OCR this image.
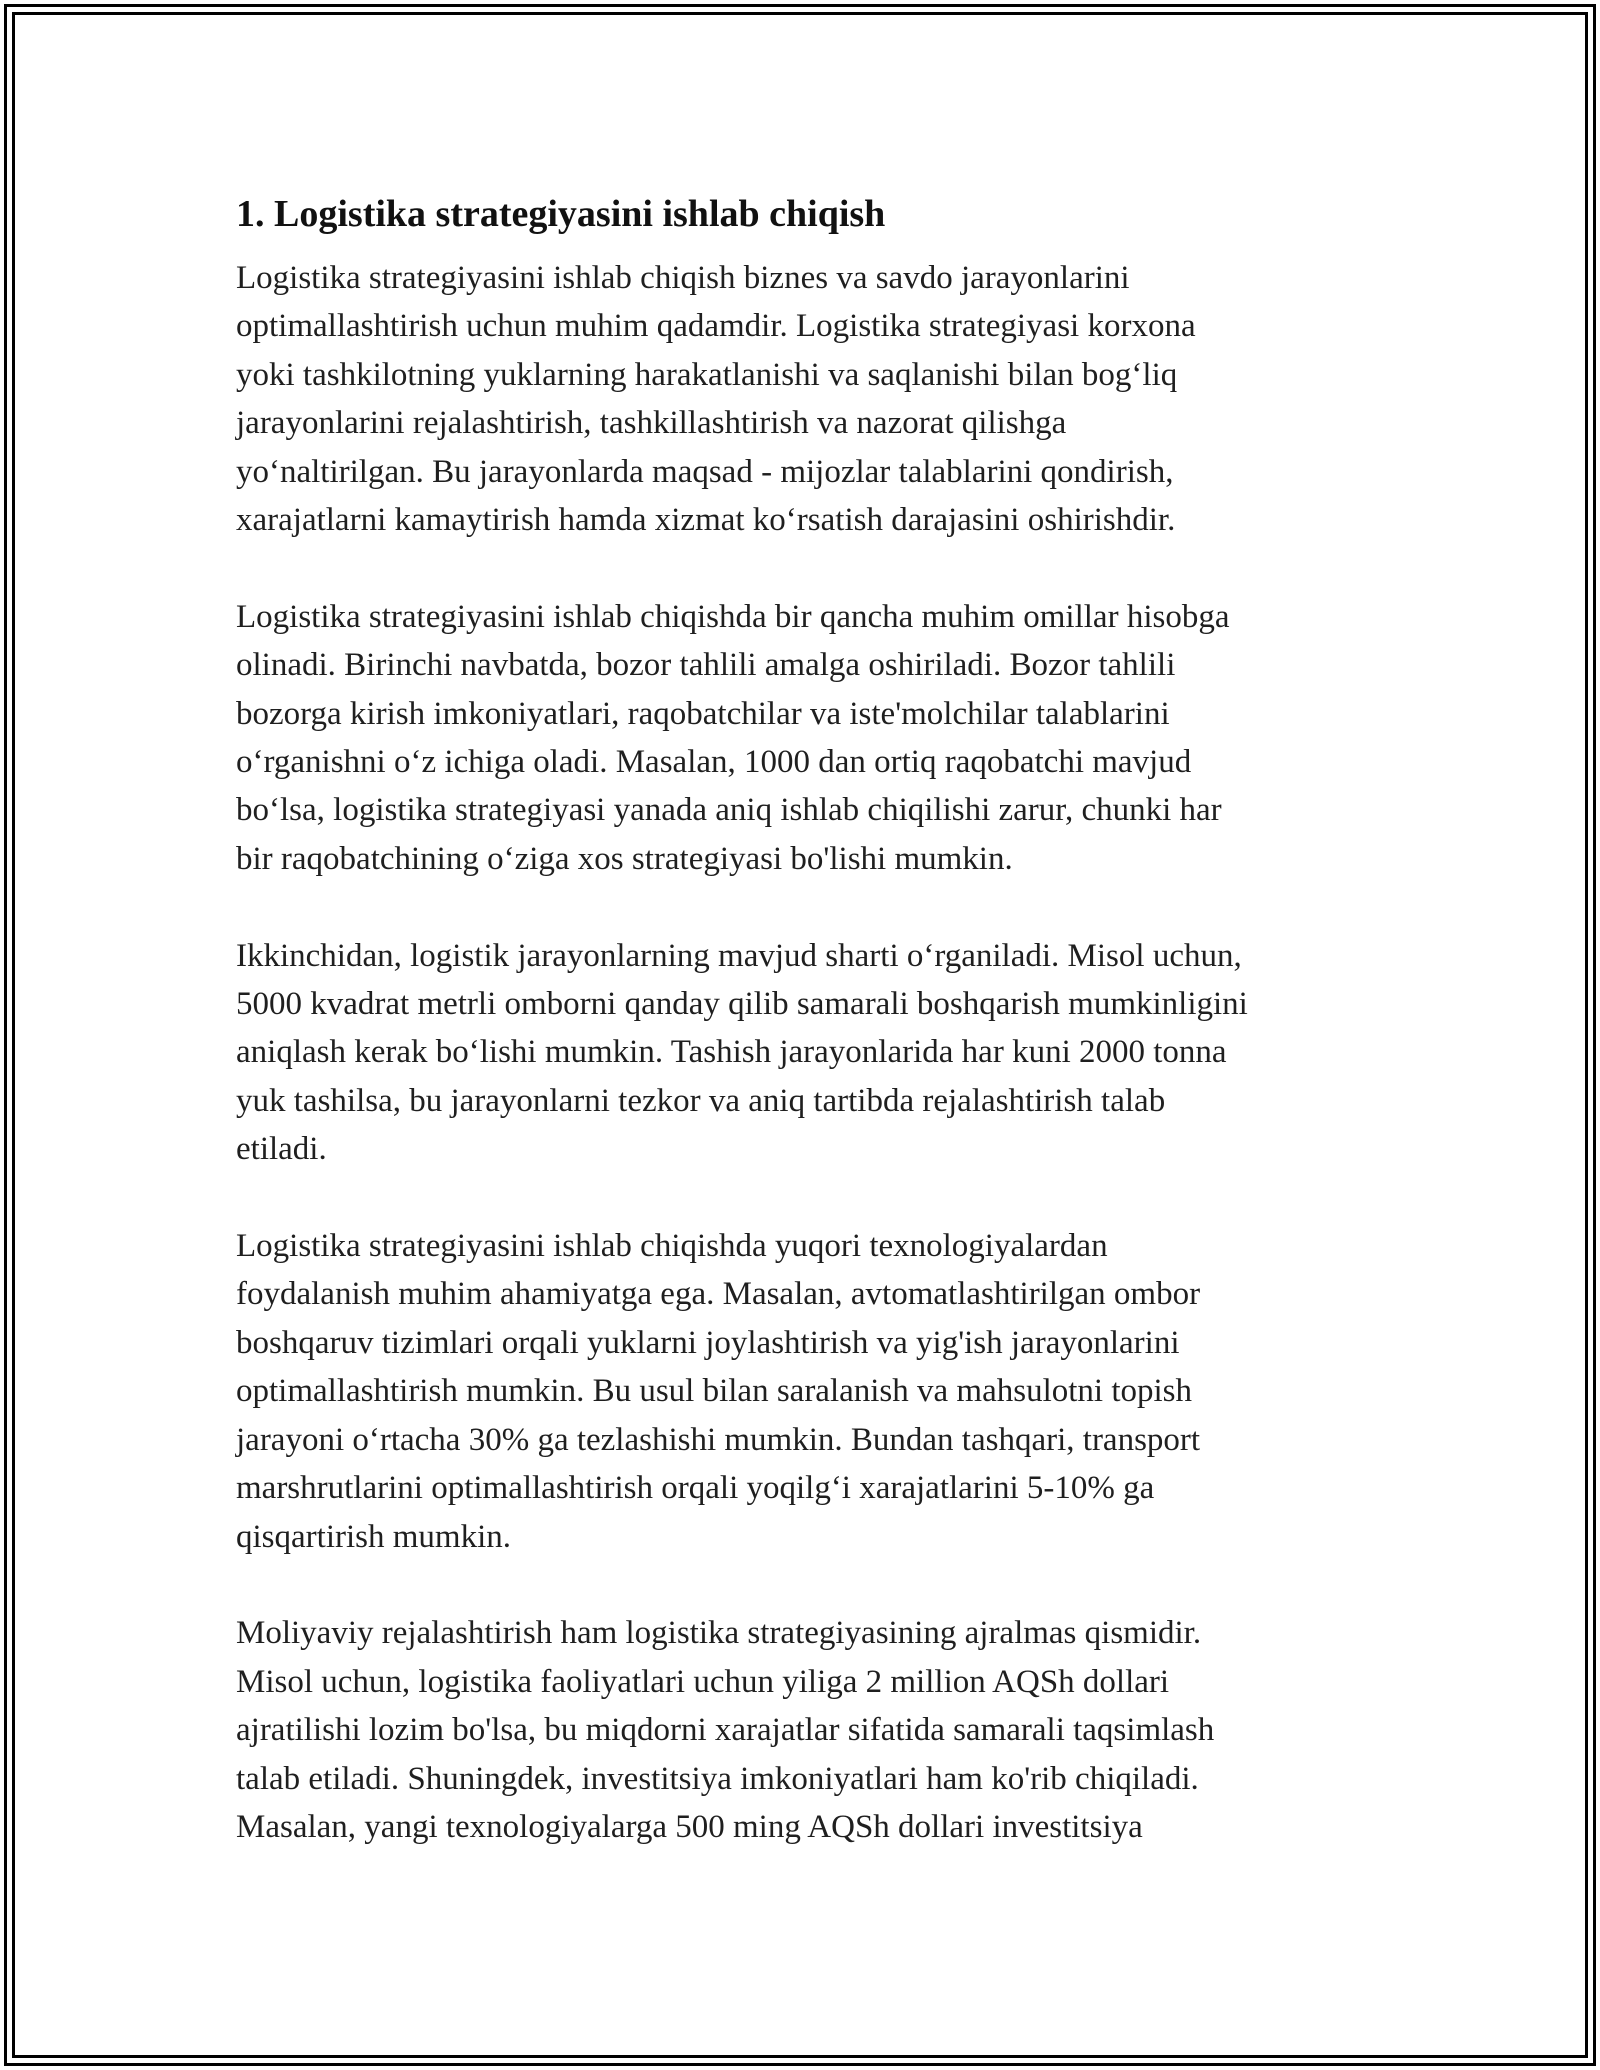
1. Logistika strategiyasini ishlab chiqish

Logistika strategiyasini ishlab chiqish biznes va savdo jarayonlarini
optimallashtirish uchun muhim qadamdir. Logistika strategiyasi korxona
yoki tashkilotning yuklarning harakatlanishi va saqlanishi bilan bog‘liq
jarayonlarini rejalashtirish, tashkillashtirish va nazorat qilishga
yo‘naltirilgan. Bu jarayonlarda maqsad - mijozlar talablarini qondirish,
xarajatlarni kamaytirish hamda xizmat ko‘rsatish darajasini oshirishdir.

Logistika strategiyasini ishlab chiqishda bir qancha muhim omillar hisobga
olinadi. Birinchi navbatda, bozor tahlili amalga oshiriladi. Bozor tahlili
bozorga kirish imkoniyatlari, raqobatchilar va iste'molchilar talablarini
o‘rganishni o‘z ichiga oladi. Masalan, 1000 dan ortiq raqobatchi mavjud
bo‘lsa, logistika strategiyasi yanada aniq ishlab chiqilishi zarur, chunki har
bir raqobatchining o‘ziga xos strategiyasi bo'lishi mumkin.

Ikkinchidan, logistik jarayonlarning mavjud sharti o‘rganiladi. Misol uchun,
5000 kvadrat metrli omborni qanday qilib samarali boshqarish mumkinligini
aniqlash kerak bo‘lishi mumkin. Tashish jarayonlarida har kuni 2000 tonna
yuk tashilsa, bu jarayonlarni tezkor va aniq tartibda rejalashtirish talab
etiladi.

Logistika strategiyasini ishlab chiqishda yuqori texnologiyalardan
foydalanish muhim ahamiyatga ega. Masalan, avtomatlashtirilgan ombor
boshqaruv tizimlari orqali yuklarni joylashtirish va yig'ish jarayonlarini
optimallashtirish mumkin. Bu usul bilan saralanish va mahsulotni topish
jarayoni o‘rtacha 30% ga tezlashishi mumkin. Bundan tashqari, transport
marshrutlarini optimallashtirish orqali yoqilg‘i xarajatlarini 5-10% ga
qisqartirish mumkin.

Moliyaviy rejalashtirish ham logistika strategiyasining ajralmas qismidir.
Misol uchun, logistika faoliyatlari uchun yiliga 2 million AQSh dollari
ajratilishi lozim bo'lsa, bu miqdorni xarajatlar sifatida samarali taqsimlash
talab etiladi. Shuningdek, investitsiya imkoniyatlari ham ko'rib chiqiladi.
Masalan, yangi texnologiyalarga 500 ming AQSh dollari investitsiya
